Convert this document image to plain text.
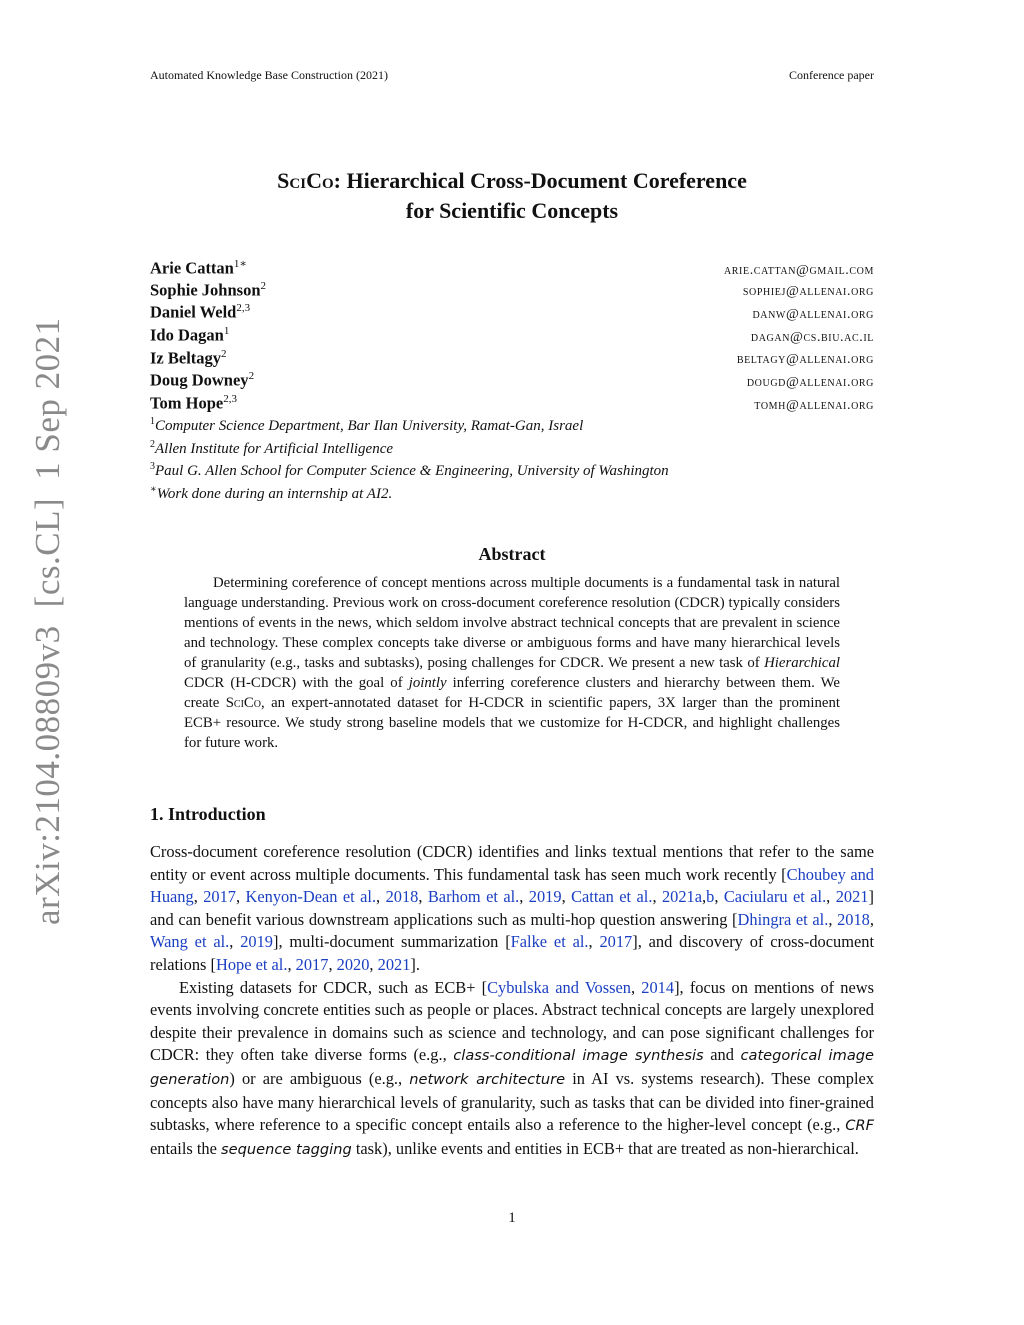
Automated Knowledge Base Construction (2021)	Conference paper
arXiv:2104.08809v3[cs.CL]1 Sep 2021
SciCo: Hierarchical Cross-Document Coreference
for Scientific Concepts
Arie Cattan$^{1∗}$	arie.cattan@gmail.com
Sophie Johnson$^2$	sophiej@allenai.org
Daniel Weld$^{2,3}$	danw@allenai.org
Ido Dagan$^1$	dagan@cs.biu.ac.il
Iz Beltagy$^2$	beltagy@allenai.org
Doug Downey$^2$	dougd@allenai.org
Tom Hope$^{2,3}$	tomh@allenai.org
$^1$Computer Science Department, Bar Ilan University, Ramat-Gan, Israel
$^2$Allen Institute for Artificial Intelligence
$^3$Paul G. Allen School for Computer Science & Engineering, University of Washington
∗Work done during an internship at AI2.
Abstract

Determining coreference of concept mentions across multiple documents is a fundamental task in natural language understanding. Previous work on cross-document coreference resolution (CDCR) typically considers mentions of events in the news, which seldom involve abstract technical concepts that are prevalent in science and technology. These complex concepts take diverse or ambiguous forms and have many hierarchical levels of granularity (e.g., tasks and subtasks), posing challenges for CDCR. We present a new task of Hierarchical CDCR (H-CDCR) with the goal of jointly inferring coreference clusters and hierarchy between them. We create SciCo, an expert-annotated dataset for H-CDCR in scientific papers, 3X larger than the prominent ECB+ resource. We study strong baseline models that we customize for H-CDCR, and highlight challenges for future work.

1. Introduction

Cross-document coreference resolution (CDCR) identifies and links textual mentions that refer to the same entity or event across multiple documents. This fundamental task has seen much work recently [Choubey and Huang, 2017, Kenyon-Dean et al., 2018, Barhom et al., 2019, Cattan et al., 2021a,b, Caciularu et al., 2021] and can benefit various downstream applications such as multi-hop question answering [Dhingra et al., 2018, Wang et al., 2019], multi-document summarization [Falke et al., 2017], and discovery of cross-document relations [Hope et al., 2017, 2020, 2021].

Existing datasets for CDCR, such as ECB+ [Cybulska and Vossen, 2014], focus on mentions of news events involving concrete entities such as people or places. Abstract technical concepts are largely unexplored despite their prevalence in domains such as science and technology, and can pose significant challenges for CDCR: they often take diverse forms (e.g., class-conditional image synthesis and categorical image generation) or are ambiguous (e.g., network architecture in AI vs. systems research). These complex concepts also have many hierarchical levels of granularity, such as tasks that can be divided into finer-grained subtasks, where reference to a specific concept entails also a reference to the higher-level concept (e.g., CRF entails the sequence tagging task), unlike events and entities in ECB+ that are treated as non-hierarchical.

1
